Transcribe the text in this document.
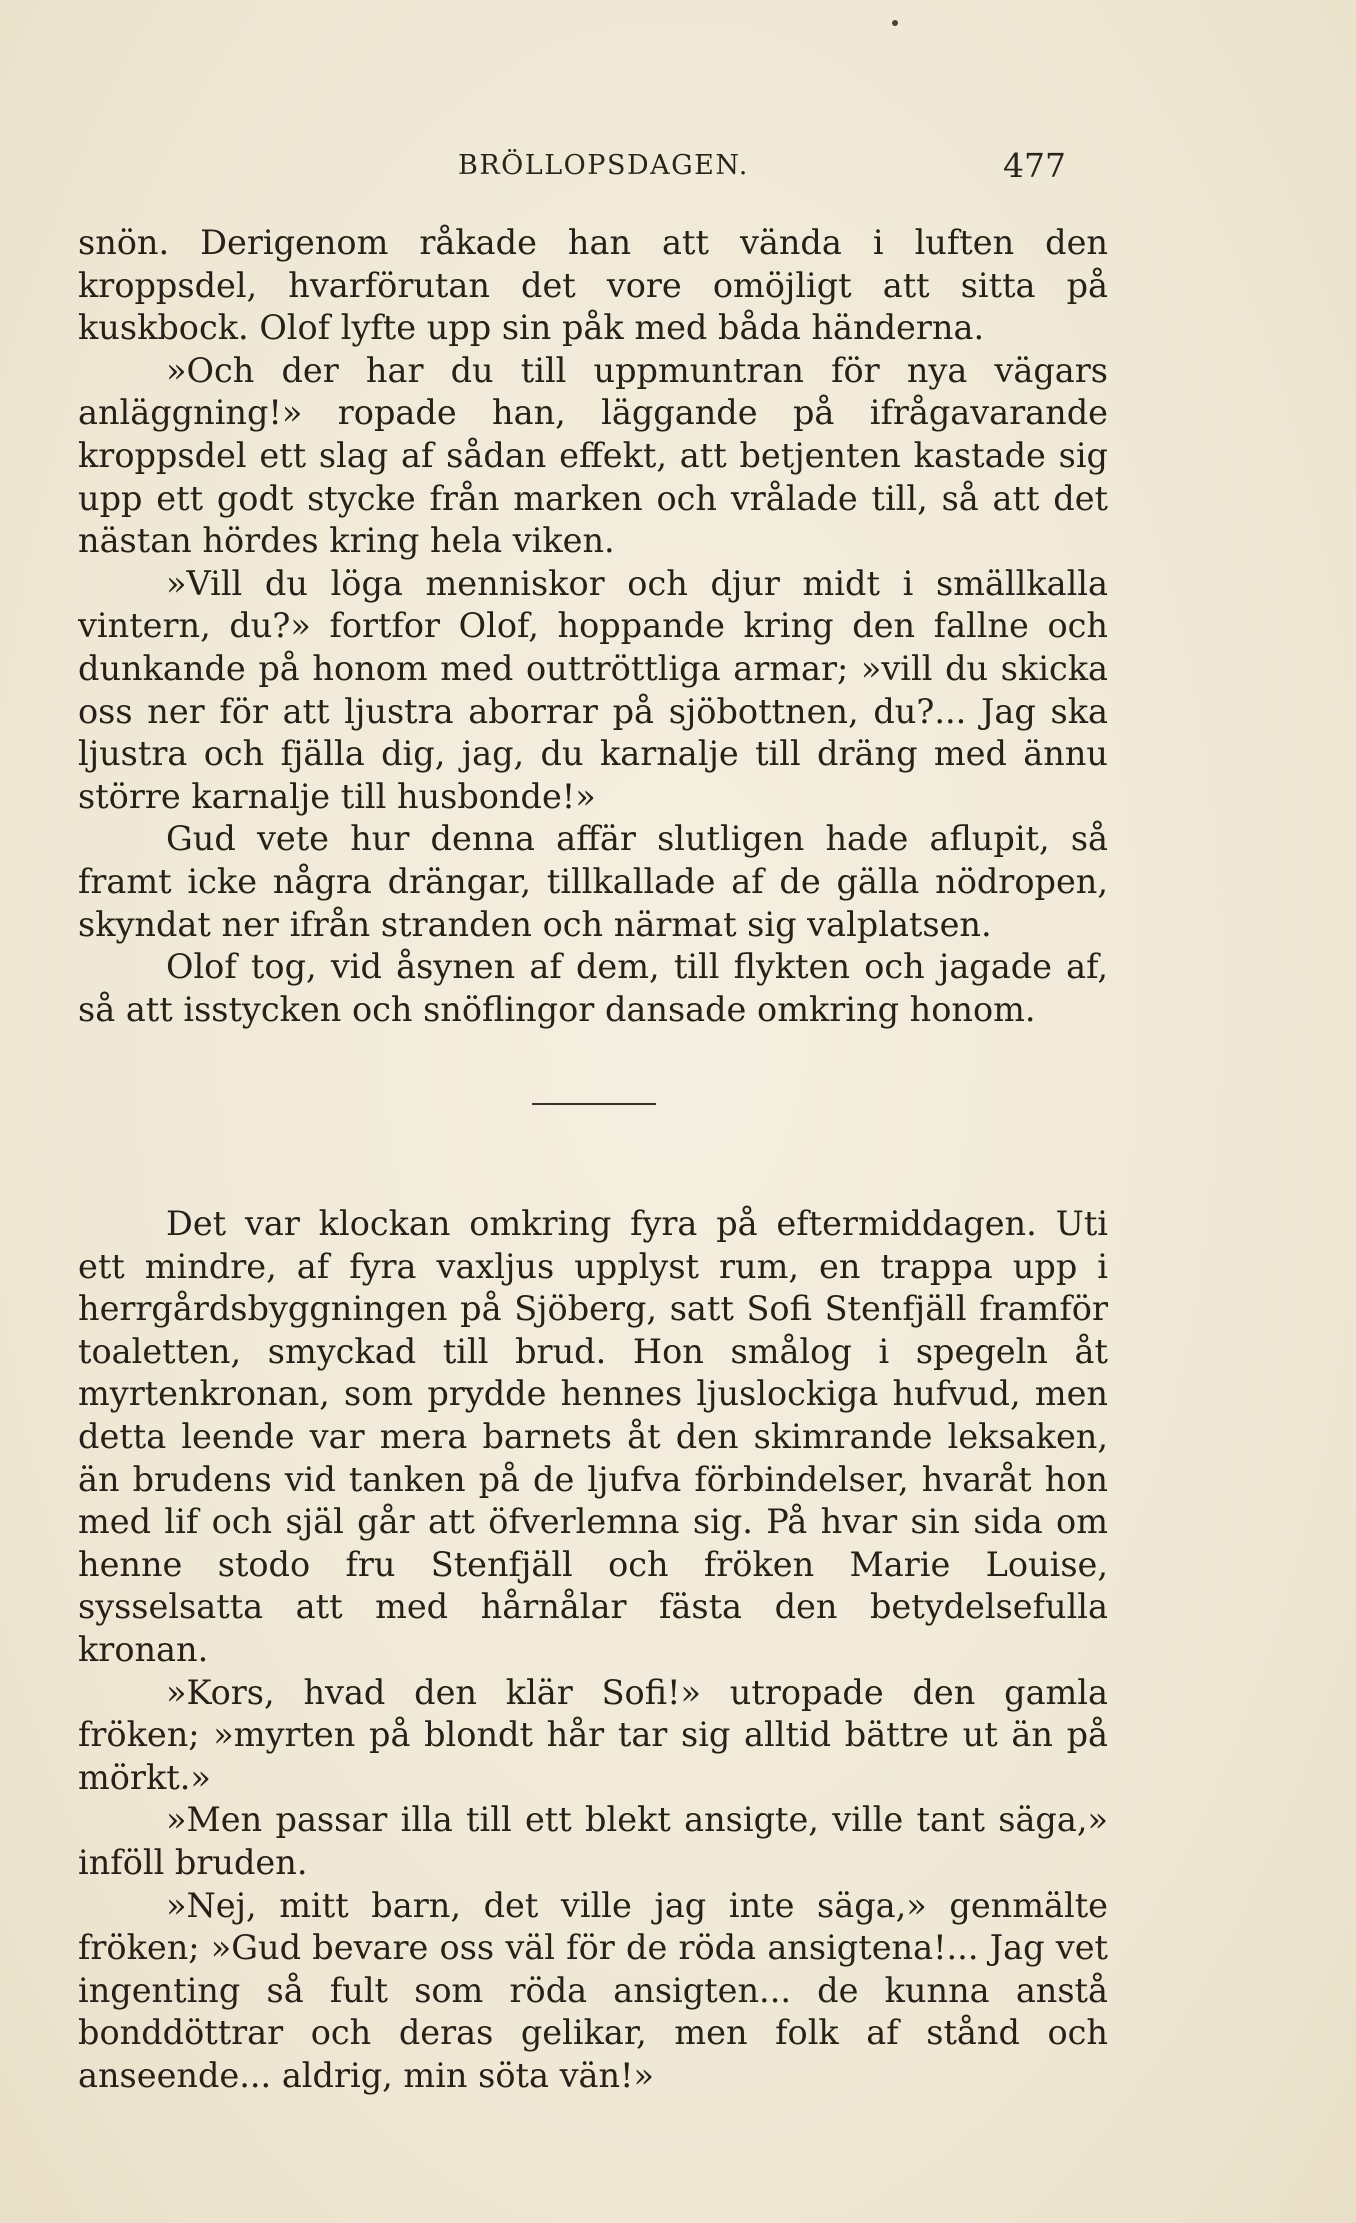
BRÖLLOPSDAGEN.	477

snön. Derigenom råkade han att vända i luften den kroppsdel, hvarförutan det vore omöjligt att sitta på kuskbock. Olof lyfte upp sin påk med båda händerna.

»Och der har du till uppmuntran för nya vägars anläggning!» ropade han, läggande på ifrågavarande kroppsdel ett slag af sådan effekt, att betjenten kastade sig upp ett godt stycke från marken och vrålade till, så att det nästan hördes kring hela viken.

»Vill du löga menniskor och djur midt i smällkalla vintern, du?» fortfor Olof, hoppande kring den fallne och dunkande på honom med outtröttliga armar; »vill du skicka oss ner för att ljustra aborrar på sjöbottnen, du?... Jag ska ljustra och fjälla dig, jag, du karnalje till dräng med ännu större karnalje till husbonde!»

Gud vete hur denna affär slutligen hade aflupit, så framt icke några drängar, tillkallade af de gälla nödropen, skyndat ner ifrån stranden och närmat sig valplatsen.

Olof tog, vid åsynen af dem, till flykten och jagade af, så att isstycken och snöflingor dansade omkring honom.

Det var klockan omkring fyra på eftermiddagen. Uti ett mindre, af fyra vaxljus upplyst rum, en trappa upp i herrgårdsbyggningen på Sjöberg, satt Sofi Stenfjäll framför toaletten, smyckad till brud. Hon smålog i spegeln åt myrtenkronan, som prydde hennes ljuslockiga hufvud, men detta leende var mera barnets åt den skimrande leksaken, än brudens vid tanken på de ljufva förbindelser, hvaråt hon med lif och själ går att öfverlemna sig. På hvar sin sida om henne stodo fru Stenfjäll och fröken Marie Louise, sysselsatta att med hårnålar fästa den betydelsefulla kronan.

»Kors, hvad den klär Sofi!» utropade den gamla fröken; »myrten på blondt hår tar sig alltid bättre ut än på mörkt.»

»Men passar illa till ett blekt ansigte, ville tant säga,» inföll bruden.

»Nej, mitt barn, det ville jag inte säga,» genmälte fröken; »Gud bevare oss väl för de röda ansigtena!... Jag vet ingenting så fult som röda ansigten... de kunna anstå bonddöttrar och deras gelikar, men folk af stånd och anseende... aldrig, min söta vän!»
